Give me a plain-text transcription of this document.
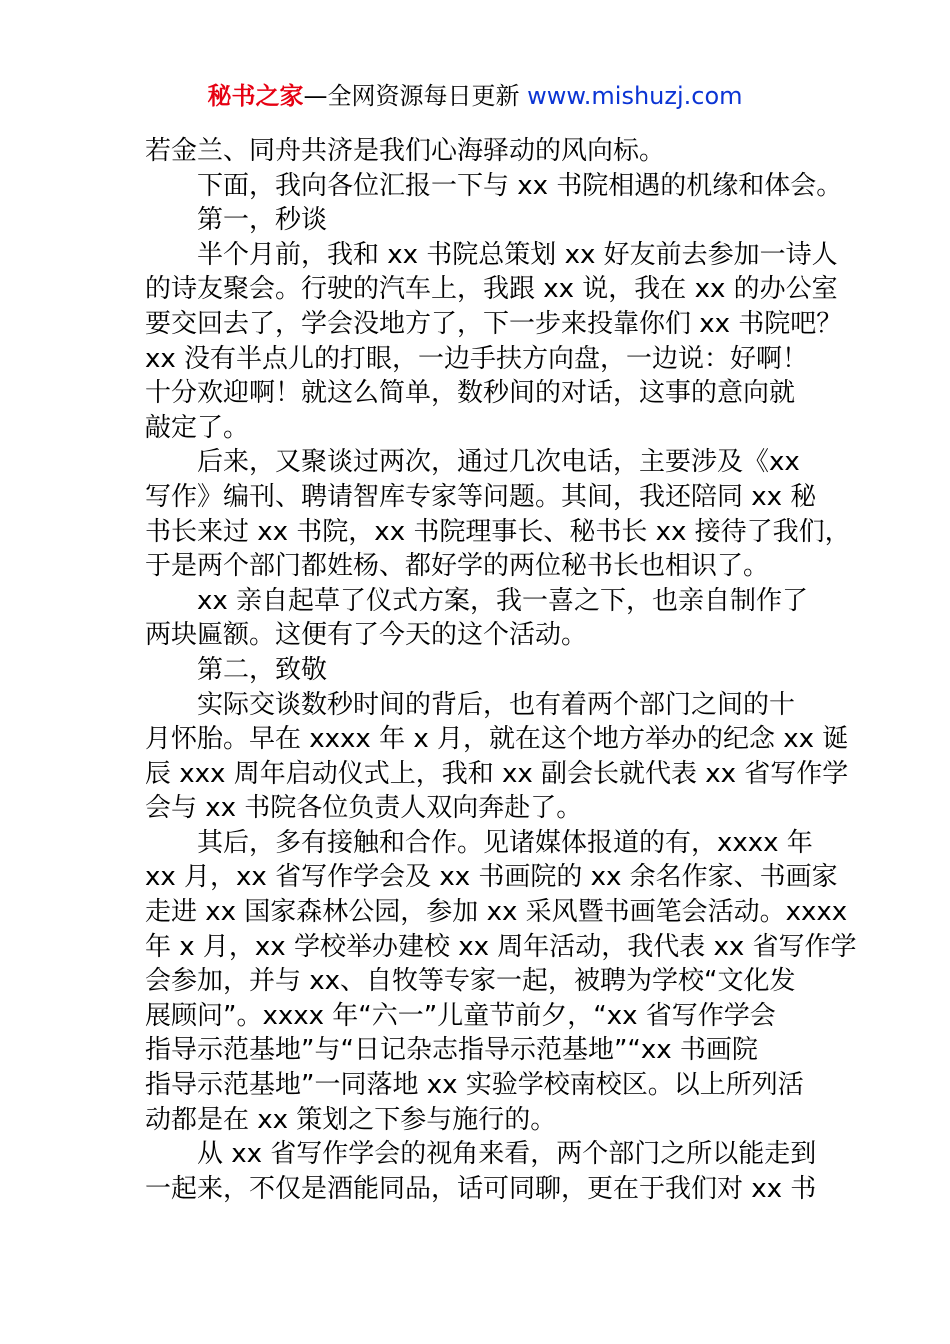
秘书之家—全网资源每日更新 www.mishuzj.com
若金兰、同舟共济是我们心海驿动的风向标。
　　下面，我向各位汇报一下与 xx 书院相遇的机缘和体会。
　　第一，秒谈
　　半个月前，我和 xx 书院总策划 xx 好友前去参加一诗人
的诗友聚会。行驶的汽车上，我跟 xx 说，我在 xx 的办公室
要交回去了，学会没地方了，下一步来投靠你们 xx 书院吧？
xx 没有半点儿的打眼，一边手扶方向盘，一边说：好啊！
十分欢迎啊！就这么简单，数秒间的对话，这事的意向就
敲定了。
　　后来，又聚谈过两次，通过几次电话，主要涉及《xx
写作》编刊、聘请智库专家等问题。其间，我还陪同 xx 秘
书长来过 xx 书院，xx 书院理事长、秘书长 xx 接待了我们，
于是两个部门都姓杨、都好学的两位秘书长也相识了。
　　xx 亲自起草了仪式方案，我一喜之下，也亲自制作了
两块匾额。这便有了今天的这个活动。
　　第二，致敬
　　实际交谈数秒时间的背后，也有着两个部门之间的十
月怀胎。早在 xxxx 年 x 月，就在这个地方举办的纪念 xx 诞
辰 xxx 周年启动仪式上，我和 xx 副会长就代表 xx 省写作学
会与 xx 书院各位负责人双向奔赴了。
　　其后，多有接触和合作。见诸媒体报道的有，xxxx 年
xx 月，xx 省写作学会及 xx 书画院的 xx 余名作家、书画家
走进 xx 国家森林公园，参加 xx 采风暨书画笔会活动。xxxx
年 x 月，xx 学校举办建校 xx 周年活动，我代表 xx 省写作学
会参加，并与 xx、自牧等专家一起，被聘为学校“文化发
展顾问”。xxxx 年“六一”儿童节前夕，“xx 省写作学会
指导示范基地”与“日记杂志指导示范基地”“xx 书画院
指导示范基地”一同落地 xx 实验学校南校区。以上所列活
动都是在 xx 策划之下参与施行的。
　　从 xx 省写作学会的视角来看，两个部门之所以能走到
一起来，不仅是酒能同品，话可同聊，更在于我们对 xx 书
